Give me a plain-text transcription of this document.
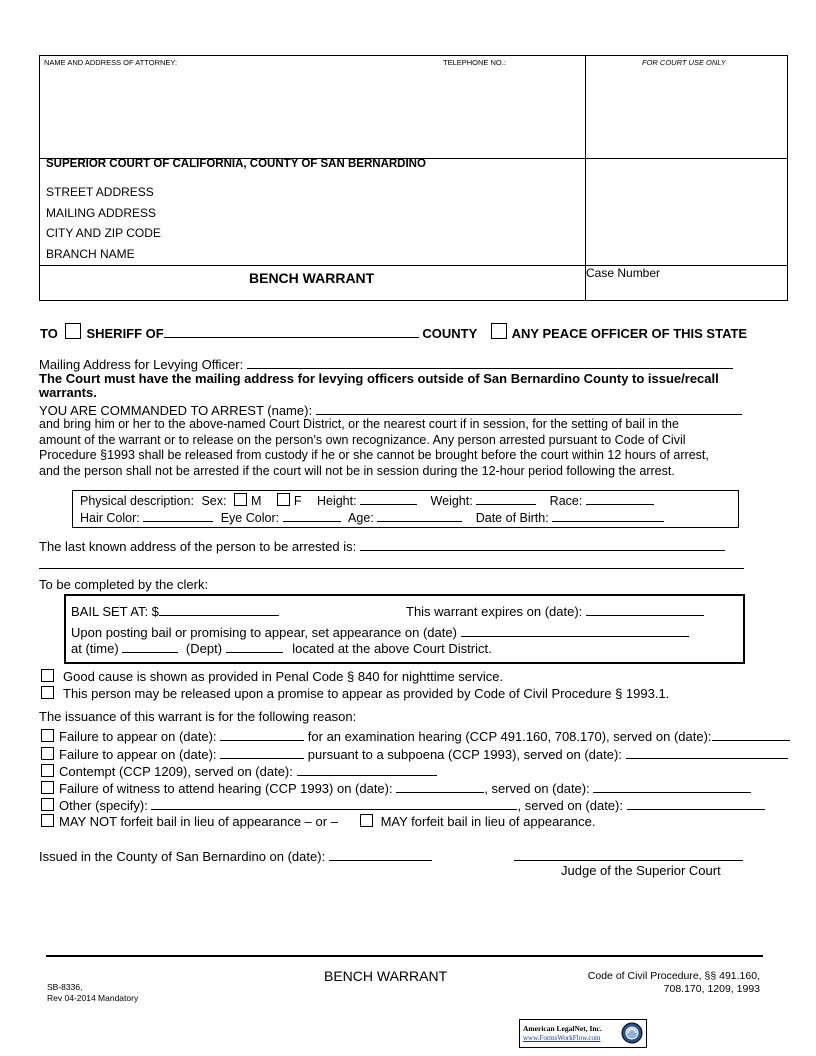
NAME AND ADDRESS OF ATTORNEY:	TELEPHONE NO.:	FOR COURT USE ONLY
SUPERIOR COURT OF CALIFORNIA, COUNTY OF SAN BERNARDINO
STREET ADDRESS
MAILING ADDRESS
CITY AND ZIP CODE
BRANCH NAME
BENCH WARRANT	Case Number
TO SHERIFF OF	COUNTY	ANY PEACE OFFICER OF THIS STATE
Mailing Address for Levying Officer:
The Court must have the mailing address for levying officers outside of San Bernardino County to issue/recall warrants.
YOU ARE COMMANDED TO ARREST (name):
and bring him or her to the above-named Court District, or the nearest court if in session, for the setting of bail in the
amount of the warrant or to release on the person's own recognizance. Any person arrested pursuant to Code of Civil
Procedure §1993 shall be released from custody if he or she cannot be brought before the court within 12 hours of arrest,
and the person shall not be arrested if the court will not be in session during the 12-hour period following the arrest.
Physical description: Sex: M	F Height:	Weight:	Race:
Hair Color:	Eye Color:	Age:	Date of Birth:
The last known address of the person to be arrested is:
To be completed by the clerk:
BAIL SET AT: $	This warrant expires on (date):
Upon posting bail or promising to appear, set appearance on (date)
at (time)	(Dept)	located at the above Court District.
Good cause is shown as provided in Penal Code § 840 for nighttime service.
This person may be released upon a promise to appear as provided by Code of Civil Procedure § 1993.1.
The issuance of this warrant is for the following reason:
Failure to appear on (date):	for an examination hearing (CCP 491.160, 708.170), served on (date):
Failure to appear on (date):	pursuant to a subpoena (CCP 1993), served on (date):
Contempt (CCP 1209), served on (date):
Failure of witness to attend hearing (CCP 1993) on (date):	, served on (date):
Other (specify):	, served on (date):
MAY NOT forfeit bail in lieu of appearance – or –	MAY forfeit bail in lieu of appearance.
Issued in the County of San Bernardino on (date):
Judge of the Superior Court
BENCH WARRANT
SB-8336,
Rev 04-2014 Mandatory
Code of Civil Procedure, §§ 491.160,
708.170, 1209, 1993
American LegalNet, Inc.
www.FormsWorkFlow.com
